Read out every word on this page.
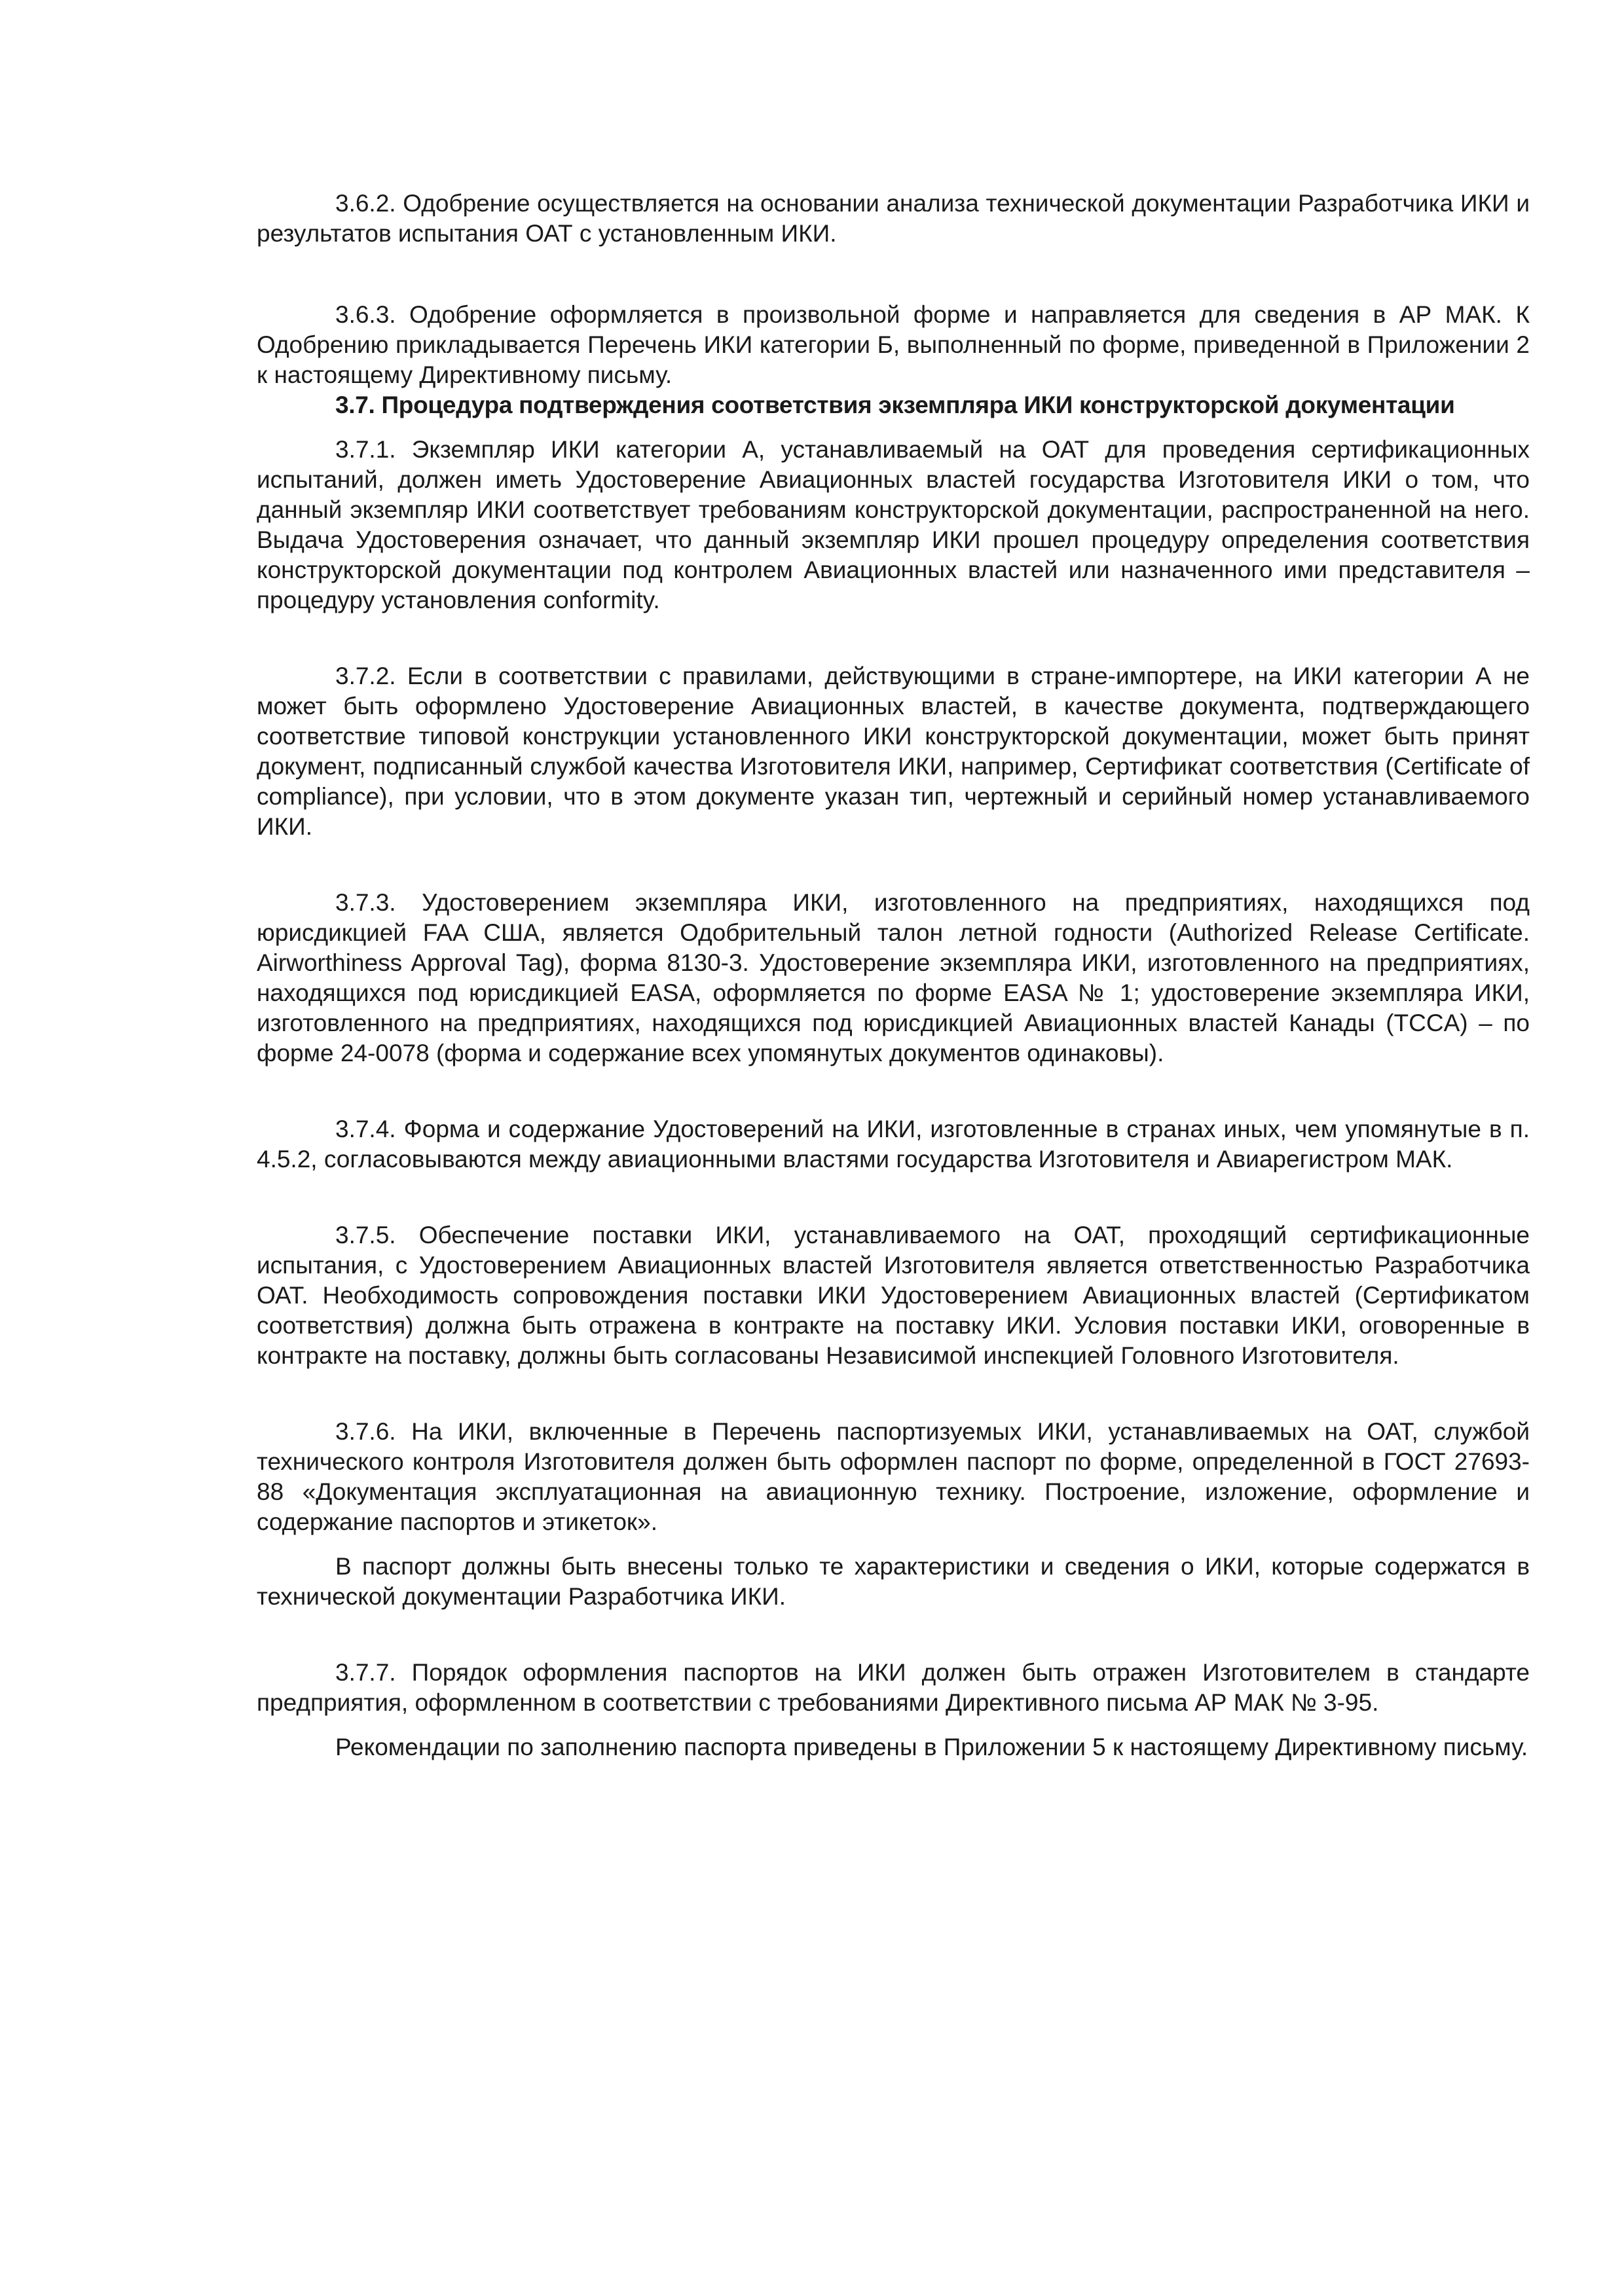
3.6.2. Одобрение осуществляется на основании анализа технической документации Разработчика ИКИ и результатов испытания ОАТ с установленным ИКИ.

3.6.3. Одобрение оформляется в произвольной форме и направляется для сведения в АР МАК. К Одобрению прикладывается Перечень ИКИ категории Б, выполненный по форме, приведенной в Приложении 2 к настоящему Директивному письму.

3.7. Процедура подтверждения соответствия экземпляра ИКИ конструкторской документации

3.7.1. Экземпляр ИКИ категории А, устанавливаемый на ОАТ для проведения сертификационных испытаний, должен иметь Удостоверение Авиационных властей государства Изготовителя ИКИ о том, что данный экземпляр ИКИ соответствует требованиям конструкторской документации, распространенной на него. Выдача Удостоверения означает, что данный экземпляр ИКИ прошел процедуру определения соответствия конструкторской документации под контролем Авиационных властей или назначенного ими представителя – процедуру установления conformity.

3.7.2. Если в соответствии с правилами, действующими в стране-импортере, на ИКИ категории А не может быть оформлено Удостоверение Авиационных властей, в качестве документа, подтверждающего соответствие типовой конструкции установленного ИКИ конструкторской документации, может быть принят документ, подписанный службой качества Изготовителя ИКИ, например, Сертификат соответствия (Certificate of compliance), при условии, что в этом документе указан тип, чертежный и серийный номер устанавливаемого ИКИ.

3.7.3. Удостоверением экземпляра ИКИ, изготовленного на предприятиях, находящихся под юрисдикцией FAA США, является Одобрительный талон летной годности (Authorized Release Certificate. Airworthiness Approval Tag), форма 8130-3. Удостоверение экземпляра ИКИ, изготовленного на предприятиях, находящихся под юрисдикцией EASA, оформляется по форме EASA № 1; удостоверение экземпляра ИКИ, изготовленного на предприятиях, находящихся под юрисдикцией Авиационных властей Канады (TCCA) – по форме 24-0078 (форма и содержание всех упомянутых документов одинаковы).

3.7.4. Форма и содержание Удостоверений на ИКИ, изготовленные в странах иных, чем упомянутые в п. 4.5.2, согласовываются между авиационными властями государства Изготовителя и Авиарегистром МАК.

3.7.5. Обеспечение поставки ИКИ, устанавливаемого на ОАТ, проходящий сертификационные испытания, с Удостоверением Авиационных властей Изготовителя является ответственностью Разработчика ОАТ. Необходимость сопровождения поставки ИКИ Удостоверением Авиационных властей (Сертификатом соответствия) должна быть отражена в контракте на поставку ИКИ. Условия поставки ИКИ, оговоренные в контракте на поставку, должны быть согласованы Независимой инспекцией Головного Изготовителя.

3.7.6. На ИКИ, включенные в Перечень паспортизуемых ИКИ, устанавливаемых на ОАТ, службой технического контроля Изготовителя должен быть оформлен паспорт по форме, определенной в ГОСТ 27693-88 «Документация эксплуатационная на авиационную технику. Построение, изложение, оформление и содержание паспортов и этикеток».

В паспорт должны быть внесены только те характеристики и сведения о ИКИ, которые содержатся в технической документации Разработчика ИКИ.

3.7.7. Порядок оформления паспортов на ИКИ должен быть отражен Изготовителем в стандарте предприятия, оформленном в соответствии с требованиями Директивного письма АР МАК № 3-95.

Рекомендации по заполнению паспорта приведены в Приложении 5 к настоящему Директивному письму.
